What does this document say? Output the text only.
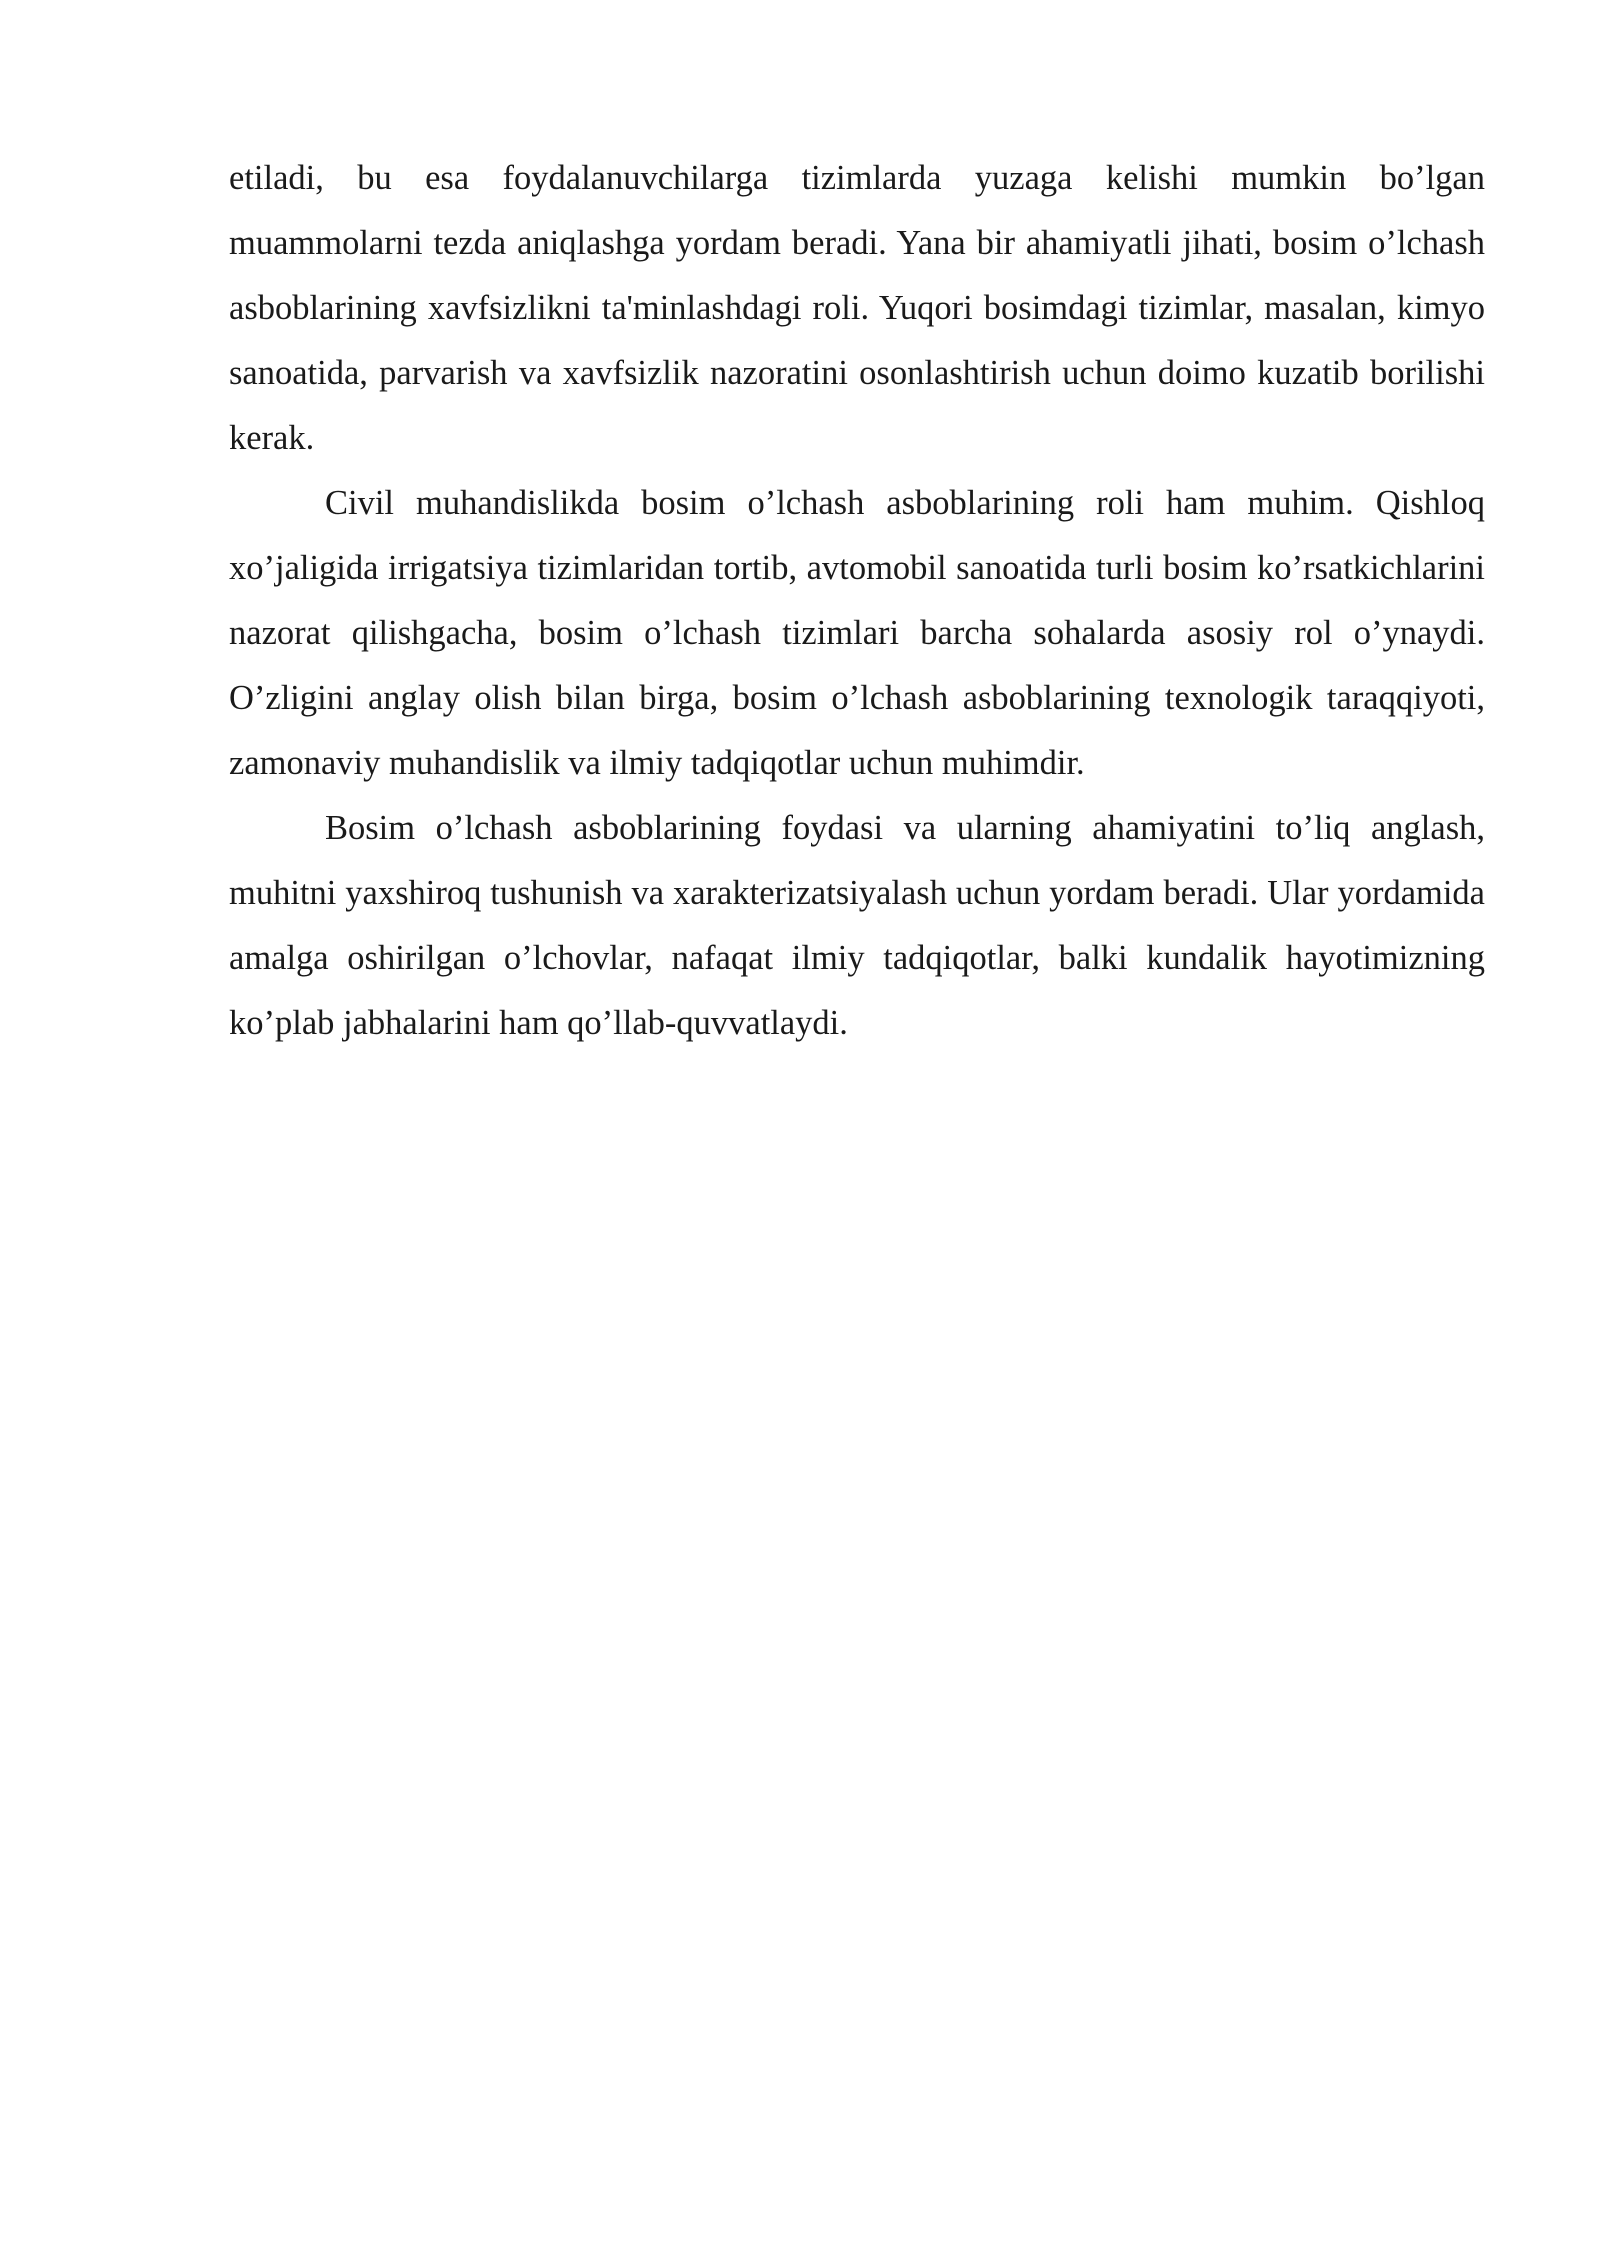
etiladi, bu esa foydalanuvchilarga tizimlarda yuzaga kelishi mumkin bo’lgan muammolarni tezda aniqlashga yordam beradi. Yana bir ahamiyatli jihati, bosim o’lchash asboblarining xavfsizlikni ta'minlashdagi roli. Yuqori bosimdagi tizimlar, masalan, kimyo sanoatida, parvarish va xavfsizlik nazoratini osonlashtirish uchun doimo kuzatib borilishi kerak.

Civil muhandislikda bosim o’lchash asboblarining roli ham muhim. Qishloq xo’jaligida irrigatsiya tizimlaridan tortib, avtomobil sanoatida turli bosim ko’rsatkichlarini nazorat qilishgacha, bosim o’lchash tizimlari barcha sohalarda asosiy rol o’ynaydi. O’zligini anglay olish bilan birga, bosim o’lchash asboblarining texnologik taraqqiyoti, zamonaviy muhandislik va ilmiy tadqiqotlar uchun muhimdir.

Bosim o’lchash asboblarining foydasi va ularning ahamiyatini to’liq anglash, muhitni yaxshiroq tushunish va xarakterizatsiyalash uchun yordam beradi. Ular yordamida amalga oshirilgan o’lchovlar, nafaqat ilmiy tadqiqotlar, balki kundalik hayotimizning ko’plab jabhalarini ham qo’llab-quvvatlaydi.
